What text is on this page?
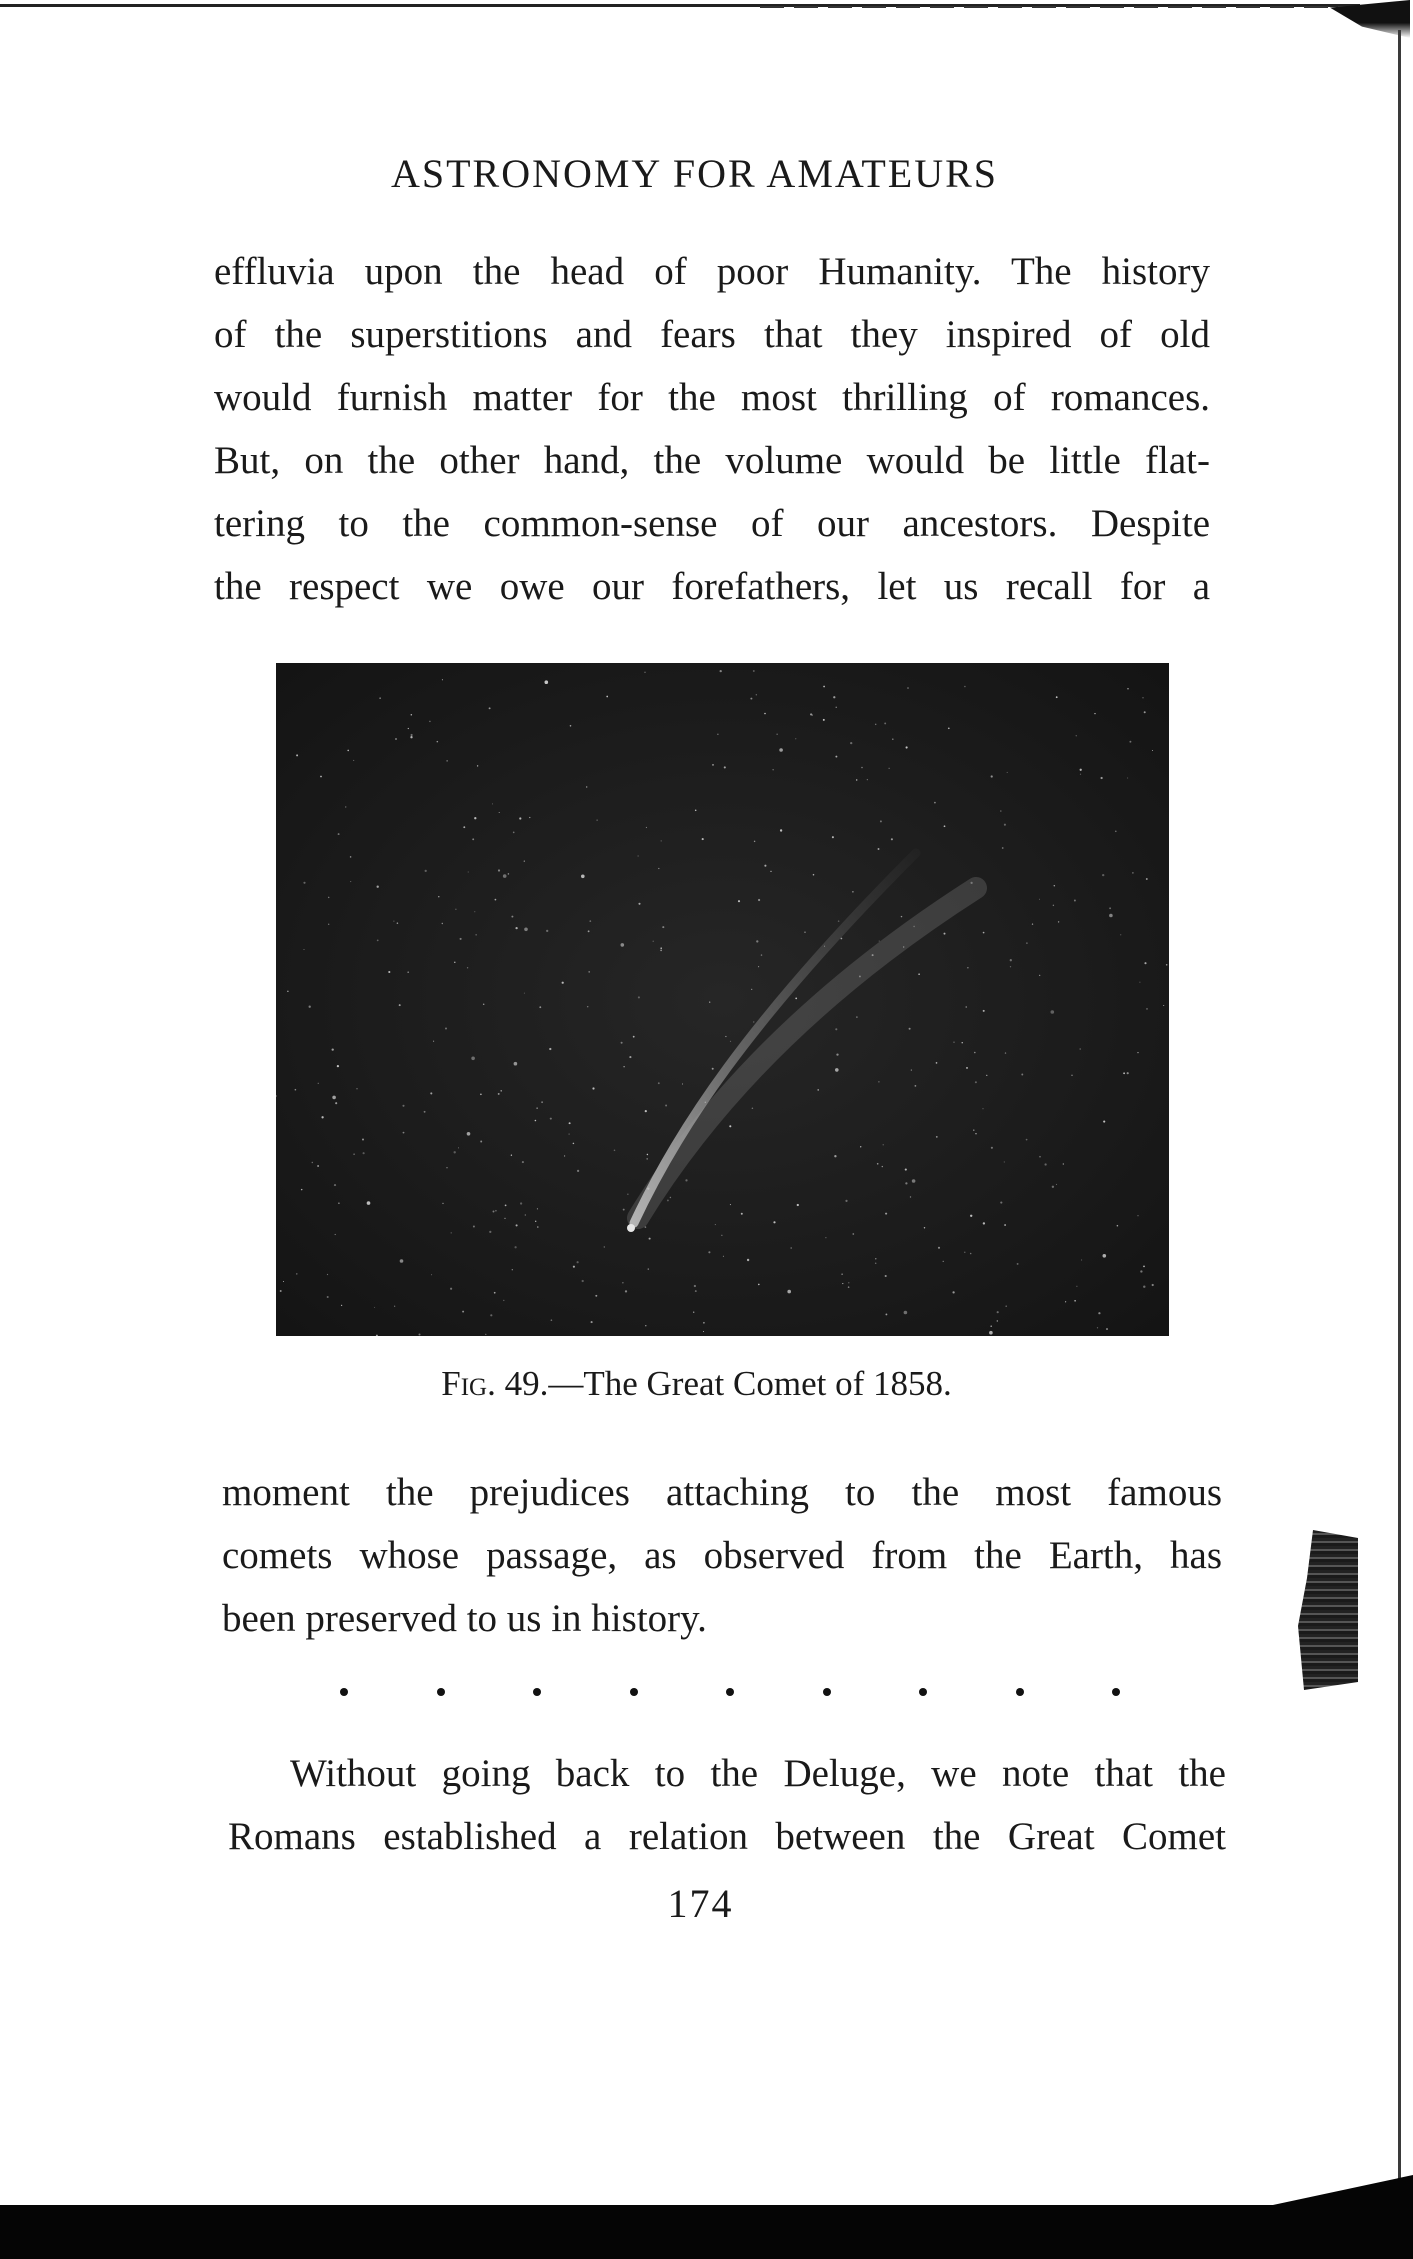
ASTRONOMY FOR AMATEURS
effluvia upon the head of poor Humanity. The history
of the superstitions and fears that they inspired of old
would furnish matter for the most thrilling of romances.
But, on the other hand, the volume would be little flat-
tering to the common-sense of our ancestors. Despite
the respect we owe our forefathers, let us recall for a
Fig. 49.—The Great Comet of 1858.
moment the prejudices attaching to the most famous
comets whose passage, as observed from the Earth, has
been preserved to us in history.
Without going back to the Deluge, we note that the
Romans established a relation between the Great Comet
174
